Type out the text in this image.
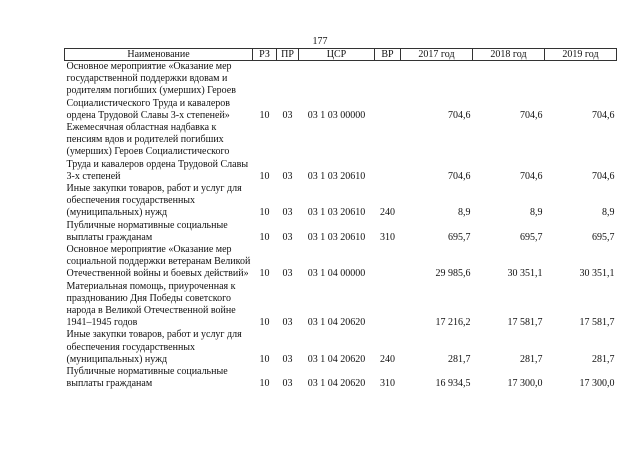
177
Наименование	РЗ	ПР	ЦСР	ВР	2017 год	2018 год	2019 год
Основное мероприятие «Оказание мер государственной поддержки вдовам и родителям погибших (умерших) Героев Социалистического Труда и кавалеров ордена Трудовой Славы 3-х степеней»	10	03	03 1 03 00000		704,6	704,6	704,6
Ежемесячная областная надбавка к пенсиям вдов и родителей погибших (умерших) Героев Социалистического Труда и кавалеров ордена Трудовой Славы 3-х степеней	10	03	03 1 03 20610		704,6	704,6	704,6
Иные закупки товаров, работ и услуг для обеспечения государственных (муниципальных) нужд	10	03	03 1 03 20610	240	8,9	8,9	8,9
Публичные нормативные социальные выплаты гражданам	10	03	03 1 03 20610	310	695,7	695,7	695,7
Основное мероприятие «Оказание мер социальной поддержки ветеранам Великой Отечественной войны и боевых действий»	10	03	03 1 04 00000		29 985,6	30 351,1	30 351,1
Материальная помощь, приуроченная к празднованию Дня Победы советского народа в Великой Отечественной войне 1941–1945 годов	10	03	03 1 04 20620		17 216,2	17 581,7	17 581,7
Иные закупки товаров, работ и услуг для обеспечения государственных (муниципальных) нужд	10	03	03 1 04 20620	240	281,7	281,7	281,7
Публичные нормативные социальные выплаты гражданам	10	03	03 1 04 20620	310	16 934,5	17 300,0	17 300,0
